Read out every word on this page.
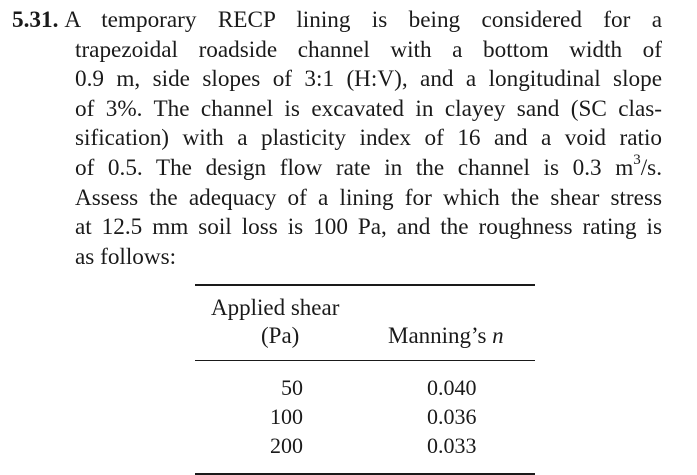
5.31. A temporary RECP lining is being considered for a
trapezoidal roadside channel with a bottom width of
0.9 m, side slopes of 3:1 (H:V), and a longitudinal slope
of 3%. The channel is excavated in clayey sand (SC clas-
sification) with a plasticity index of 16 and a void ratio
of 0.5. The design flow rate in the channel is 0.3 $m^3/s$.
Assess the adequacy of a lining for which the shear stress
at 12.5 mm soil loss is 100 Pa, and the roughness rating is
as follows:
Applied shear
(Pa)	Manning’s n
50	0.040
100	0.036
200	0.033
